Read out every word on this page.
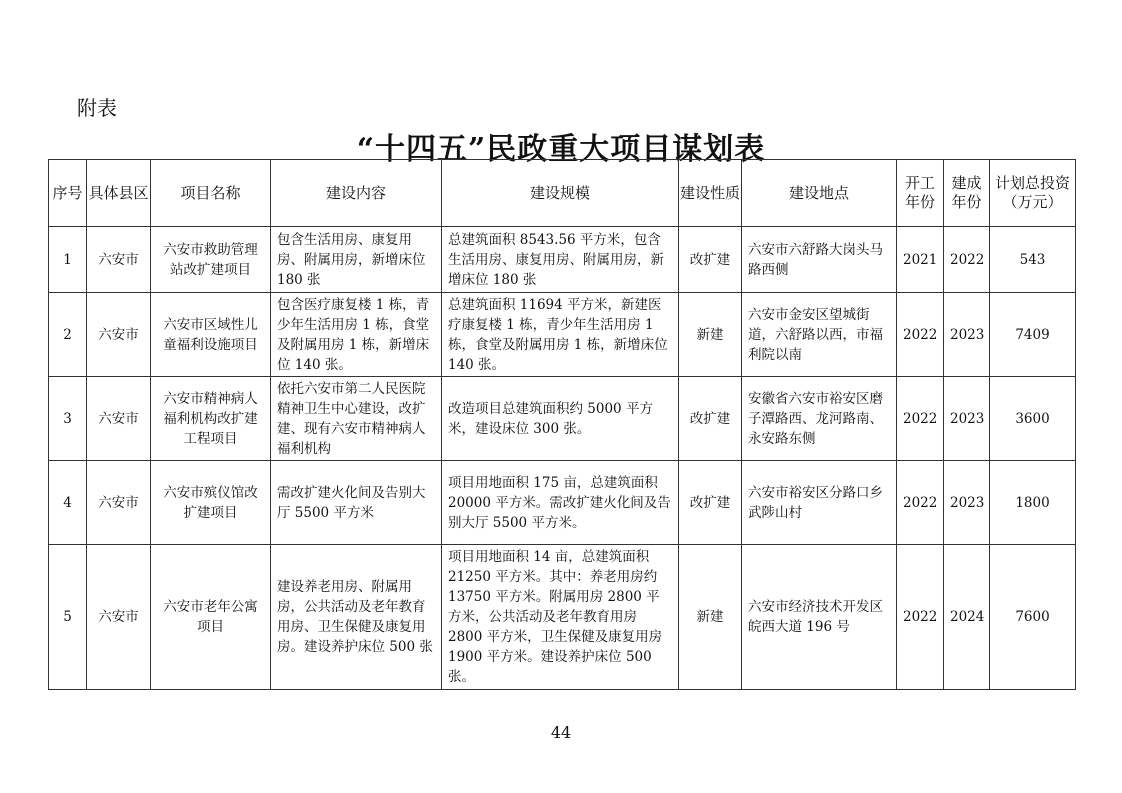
附表
“十四五”民政重大项目谋划表
序号	具体县区	项目名称	建设内容	建设规模	建设性质	建设地点	开工年份	建成年份	计划总投资（万元）
1	六安市	六安市救助管理站改扩建项目	包含生活用房、康复用房、附属用房，新增床位 180 张	总建筑面积 8543.56 平方米，包含生活用房、康复用房、附属用房，新增床位 180 张	改扩建	六安市六舒路大岗头马路西侧	2021	2022	543
2	六安市	六安市区域性儿童福利设施项目	包含医疗康复楼 1 栋，青少年生活用房 1 栋，食堂及附属用房 1 栋，新增床位 140 张。	总建筑面积 11694 平方米，新建医疗康复楼 1 栋，青少年生活用房 1 栋，食堂及附属用房 1 栋，新增床位 140 张。	新建	六安市金安区望城街道，六舒路以西，市福利院以南	2022	2023	7409
3	六安市	六安市精神病人福利机构改扩建工程项目	依托六安市第二人民医院精神卫生中心建设，改扩建、现有六安市精神病人福利机构	改造项目总建筑面积约 5000 平方米，建设床位 300 张。	改扩建	安徽省六安市裕安区磨子潭路西、龙河路南、永安路东侧	2022	2023	3600
4	六安市	六安市殡仪馆改扩建项目	需改扩建火化间及告别大厅 5500 平方米	项目用地面积 175 亩，总建筑面积 20000 平方米。需改扩建火化间及告别大厅 5500 平方米。	改扩建	六安市裕安区分路口乡武陟山村	2022	2023	1800
5	六安市	六安市老年公寓项目	建设养老用房、附属用房，公共活动及老年教育用房、卫生保健及康复用房。建设养护床位 500 张	项目用地面积 14 亩，总建筑面积 21250 平方米。其中：养老用房约 13750 平方米。附属用房 2800 平方米，公共活动及老年教育用房 2800 平方米，卫生保健及康复用房 1900 平方米。建设养护床位 500 张。	新建	六安市经济技术开发区皖西大道 196 号	2022	2024	7600
44
